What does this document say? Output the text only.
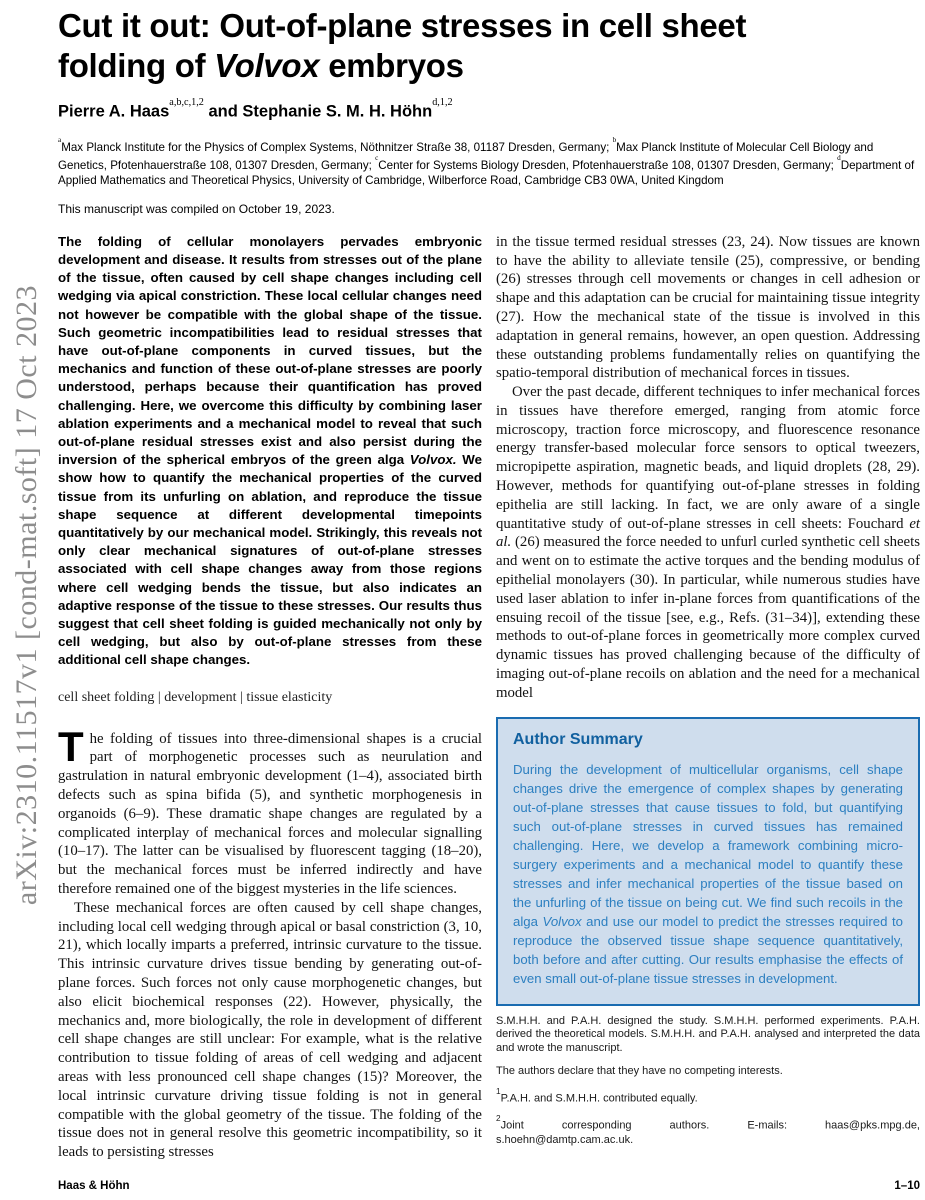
arXiv:2310.11517v1 [cond-mat.soft] 17 Oct 2023
Cut it out: Out-of-plane stresses in cell sheet
folding of Volvox embryos
Pierre A. Haas$^{a,b,c,1,2}$ and Stephanie S. M. H. Höhn$^{d,1,2}$
$^a$Max Planck Institute for the Physics of Complex Systems, Nöthnitzer Straße 38, 01187 Dresden, Germany; $^b$Max Planck Institute of Molecular Cell Biology and Genetics, Pfotenhauerstraße 108, 01307 Dresden, Germany; $^c$Center for Systems Biology Dresden, Pfotenhauerstraße 108, 01307 Dresden, Germany; $^d$Department of Applied Mathematics and Theoretical Physics, University of Cambridge, Wilberforce Road, Cambridge CB3 0WA, United Kingdom
This manuscript was compiled on October 19, 2023.
The folding of cellular monolayers pervades embryonic development and disease. It results from stresses out of the plane of the tissue, often caused by cell shape changes including cell wedging via apical constriction. These local cellular changes need not however be compatible with the global shape of the tissue. Such geometric incompatibilities lead to residual stresses that have out-of-plane components in curved tissues, but the mechanics and function of these out-of-plane stresses are poorly understood, perhaps because their quantification has proved challenging. Here, we overcome this difficulty by combining laser ablation experiments and a mechanical model to reveal that such out-of-plane residual stresses exist and also persist during the inversion of the spherical embryos of the green alga Volvox. We show how to quantify the mechanical properties of the curved tissue from its unfurling on ablation, and reproduce the tissue shape sequence at different developmental timepoints quantitatively by our mechanical model. Strikingly, this reveals not only clear mechanical signatures of out-of-plane stresses associated with cell shape changes away from those regions where cell wedging bends the tissue, but also indicates an adaptive response of the tissue to these stresses. Our results thus suggest that cell sheet folding is guided mechanically not only by cell wedging, but also by out-of-plane stresses from these additional cell shape changes.
cell sheet folding | development | tissue elasticity

The folding of tissues into three-dimensional shapes is a crucial part of morphogenetic processes such as neurulation and gastrulation in natural embryonic development (1–4), associated birth defects such as spina bifida (5), and synthetic morphogenesis in organoids (6–9). These dramatic shape changes are regulated by a complicated interplay of mechanical forces and molecular signalling (10–17). The latter can be visualised by fluorescent tagging (18–20), but the mechanical forces must be inferred indirectly and have therefore remained one of the biggest mysteries in the life sciences.

These mechanical forces are often caused by cell shape changes, including local cell wedging through apical or basal constriction (3, 10, 21), which locally imparts a preferred, intrinsic curvature to the tissue. This intrinsic curvature drives tissue bending by generating out-of-plane forces. Such forces not only cause morphogenetic changes, but also elicit biochemical responses (22). However, physically, the mechanics and, more biologically, the role in development of different cell shape changes are still unclear: For example, what is the relative contribution to tissue folding of areas of cell wedging and adjacent areas with less pronounced cell shape changes (15)? Moreover, the local intrinsic curvature driving tissue folding is not in general compatible with the global geometry of the tissue. The folding of the tissue does not in general resolve this geometric incompatibility, so it leads to persisting stresses

in the tissue termed residual stresses (23, 24). Now tissues are known to have the ability to alleviate tensile (25), compressive, or bending (26) stresses through cell movements or changes in cell adhesion or shape and this adaptation can be crucial for maintaining tissue integrity (27). How the mechanical state of the tissue is involved in this adaptation in general remains, however, an open question. Addressing these outstanding problems fundamentally relies on quantifying the spatio-temporal distribution of mechanical forces in tissues.

Over the past decade, different techniques to infer mechanical forces in tissues have therefore emerged, ranging from atomic force microscopy, traction force microscopy, and fluorescence resonance energy transfer-based molecular force sensors to optical tweezers, micropipette aspiration, magnetic beads, and liquid droplets (28, 29). However, methods for quantifying out-of-plane stresses in folding epithelia are still lacking. In fact, we are only aware of a single quantitative study of out-of-plane stresses in cell sheets: Fouchard et al. (26) measured the force needed to unfurl curled synthetic cell sheets and went on to estimate the active torques and the bending modulus of epithelial monolayers (30). In particular, while numerous studies have used laser ablation to infer in-plane forces from quantifications of the ensuing recoil of the tissue [see, e.g., Refs. (31–34)], extending these methods to out-of-plane forces in geometrically more complex curved dynamic tissues has proved challenging because of the difficulty of imaging out-of-plane recoils on ablation and the need for a mechanical model

Author Summary
During the development of multicellular organisms, cell shape changes drive the emergence of complex shapes by generating out-of-plane stresses that cause tissues to fold, but quantifying such out-of-plane stresses in curved tissues has remained challenging. Here, we develop a framework combining micro-surgery experiments and a mechanical model to quantify these stresses and infer mechanical properties of the tissue based on the unfurling of the tissue on being cut. We find such recoils in the alga Volvox and use our model to predict the stresses required to reproduce the observed tissue shape sequence quantitatively, both before and after cutting. Our results emphasise the effects of even small out-of-plane tissue stresses in development.
S.M.H.H. and P.A.H. designed the study. S.M.H.H. performed experiments. P.A.H. derived the theoretical models. S.M.H.H. and P.A.H. analysed and interpreted the data and wrote the manuscript.
The authors declare that they have no competing interests.
$^1$P.A.H. and S.M.H.H. contributed equally.
$^2$Joint corresponding authors. E-mails: haas@pks.mpg.de, s.hoehn@damtp.cam.ac.uk.
Haas & Höhn	1–10
